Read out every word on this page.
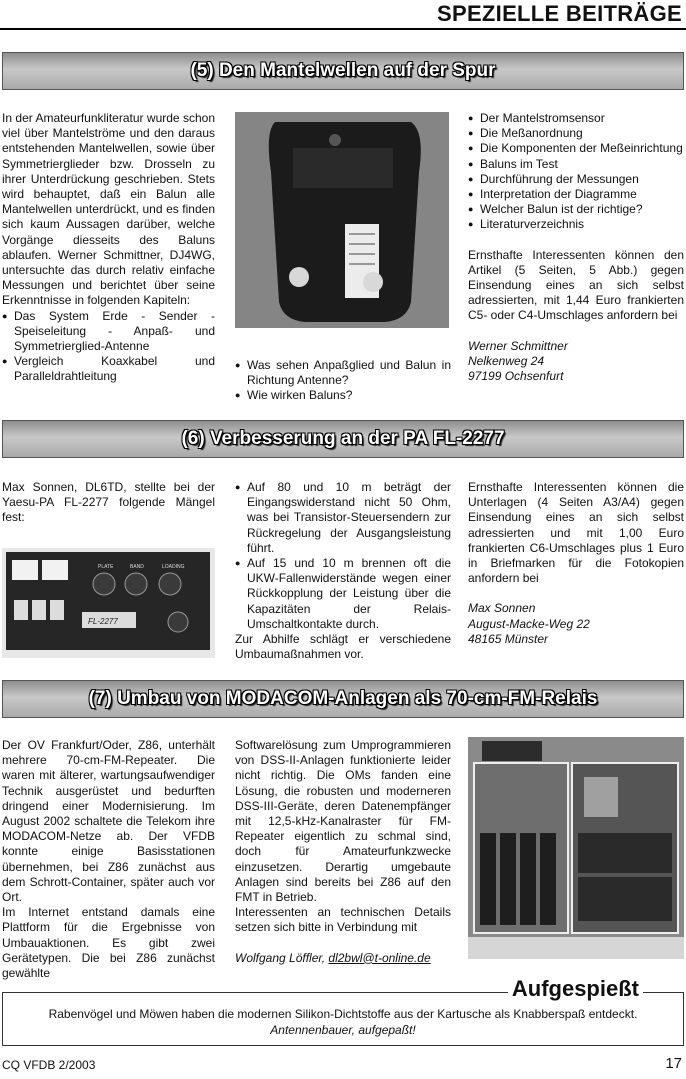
SPEZIELLE BEITRÄGE
(5) Den Mantelwellen auf der Spur

In der Amateurfunkliteratur wurde schon viel über Mantelströme und den daraus entstehenden Mantelwellen, sowie über Symmetrierglieder bzw. Drosseln zu ihrer Unterdrückung geschrieben. Stets wird behauptet, daß ein Balun alle Mantelwellen unterdrückt, und es finden sich kaum Aussagen darüber, welche Vorgänge diesseits des Baluns ablaufen. Werner Schmittner, DJ4WG, untersuchte das durch relativ einfache Messungen und berichtet über seine Erkenntnisse in folgenden Kapiteln:

● Das System Erde - Sender - Speiseleitung - Anpaß- und Symmetrierglied-Antenne
● Vergleich Koaxkabel und Paralleldrahtleitung
● Was sehen Anpaßglied und Balun in Richtung Antenne?
● Wie wirken Baluns?
● Der Mantelstromsensor
● Die Meßanordnung
● Die Komponenten der Meßeinrichtung
● Baluns im Test
● Durchführung der Messungen
● Interpretation der Diagramme
● Welcher Balun ist der richtige?
● Literaturverzeichnis

Ernsthafte Interessenten können den Artikel (5 Seiten, 5 Abb.) gegen Einsendung eines an sich selbst adressierten, mit 1,44 Euro frankierten C5- oder C4-Umschlages anfordern bei

Werner Schmittner

Nelkenweg 24

97199 Ochsenfurt

(6) Verbesserung an der PA FL-2277

Max Sonnen, DL6TD, stellte bei der Yaesu-PA FL-2277 folgende Mängel fest:

PLATE	BAND	LOADING
FL-2277
● Auf 80 und 10 m beträgt der Eingangswiderstand nicht 50 Ohm, was bei Transistor-Steuersendern zur Rückregelung der Ausgangsleistung führt.
● Auf 15 und 10 m brennen oft die UKW-Fallenwiderstände wegen einer Rückkopplung der Leistung über die Kapazitäten der Relais-Umschaltkontakte durch.

Zur Abhilfe schlägt er verschiedene Umbaumaßnahmen vor.

Ernsthafte Interessenten können die Unterlagen (4 Seiten A3/A4) gegen Einsendung eines an sich selbst adressierten und mit 1,00 Euro frankierten C6-Umschlages plus 1 Euro in Briefmarken für die Fotokopien anfordern bei

Max Sonnen

August-Macke-Weg 22

48165 Münster

(7) Umbau von MODACOM-Anlagen als 70-cm-FM-Relais

Der OV Frankfurt/Oder, Z86, unterhält mehrere 70-cm-FM-Repeater. Die waren mit älterer, wartungsaufwendiger Technik ausgerüstet und bedurften dringend einer Modernisierung. Im August 2002 schaltete die Telekom ihre MODACOM-Netze ab. Der VFDB konnte einige Basisstationen übernehmen, bei Z86 zunächst aus dem Schrott-Container, später auch vor Ort.

Im Internet entstand damals eine Plattform für die Ergebnisse von Umbauaktionen. Es gibt zwei Gerätetypen. Die bei Z86 zunächst gewählte

Softwarelösung zum Umprogrammieren von DSS-II-Anlagen funktionierte leider nicht richtig. Die OMs fanden eine Lösung, die robusten und moderneren DSS-III-Geräte, deren Datenempfänger mit 12,5-kHz-Kanalraster für FM-Repeater eigentlich zu schmal sind, doch für Amateurfunkzwecke einzusetzen. Derartig umgebaute Anlagen sind bereits bei Z86 auf den FMT in Betrieb.

Interessenten an technischen Details setzen sich bitte in Verbindung mit

Wolfgang Löffler, dl2bwl@t-online.de

Aufgespießt
Rabenvögel und Möwen haben die modernen Silikon-Dichtstoffe aus der Kartusche als Knabberspaß entdeckt.
Antennenbauer, aufgepaßt!
CQ VFDB 2/2003	17
